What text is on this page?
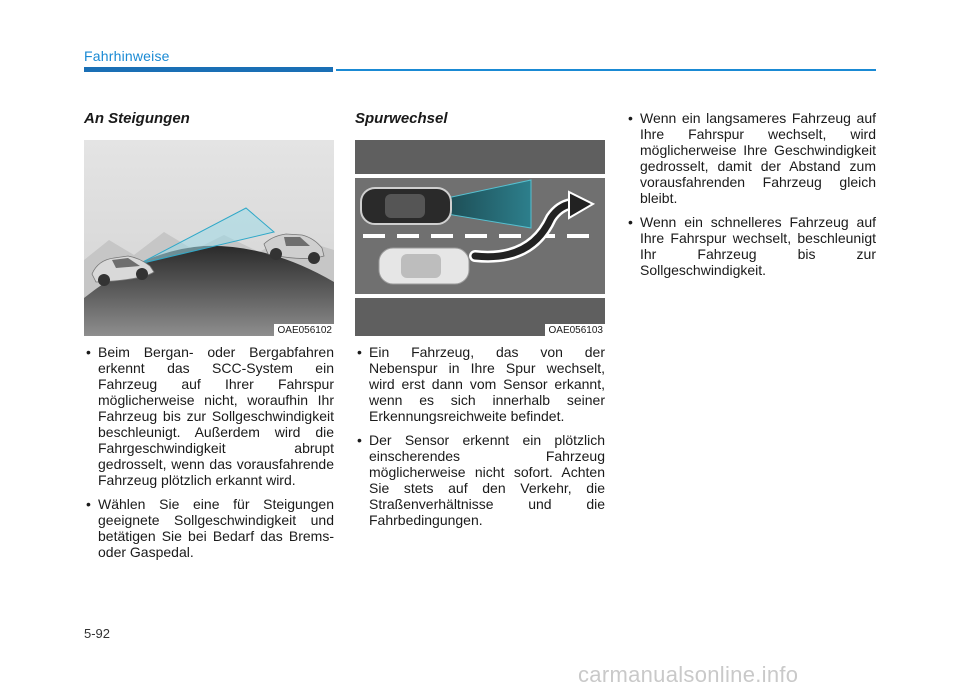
Fahrhinweise
An Steigungen
OAE056102
• Beim Bergan- oder Bergabfahren erkennt das SCC-System ein Fahrzeug auf Ihrer Fahrspur möglicherweise nicht, woraufhin Ihr Fahrzeug bis zur Sollgeschwindigkeit beschleunigt. Außerdem wird die Fahrgeschwindigkeit abrupt gedrosselt, wenn das vorausfahrende Fahrzeug plötzlich erkannt wird.
• Wählen Sie eine für Steigungen geeignete Sollgeschwindigkeit und betätigen Sie bei Bedarf das Brems- oder Gaspedal.
Spurwechsel
OAE056103
• Ein Fahrzeug, das von der Nebenspur in Ihre Spur wechselt, wird erst dann vom Sensor erkannt, wenn es sich innerhalb seiner Erkennungsreichweite befindet.
• Der Sensor erkennt ein plötzlich einscherendes Fahrzeug möglicherweise nicht sofort. Achten Sie stets auf den Verkehr, die Straßenverhältnisse und die Fahrbedingungen.
• Wenn ein langsameres Fahrzeug auf Ihre Fahrspur wechselt, wird möglicherweise Ihre Geschwindigkeit gedrosselt, damit der Abstand zum vorausfahrenden Fahrzeug gleich bleibt.
• Wenn ein schnelleres Fahrzeug auf Ihre Fahrspur wechselt, beschleunigt Ihr Fahrzeug bis zur Sollgeschwindigkeit.
5-92
carmanualsonline.info
